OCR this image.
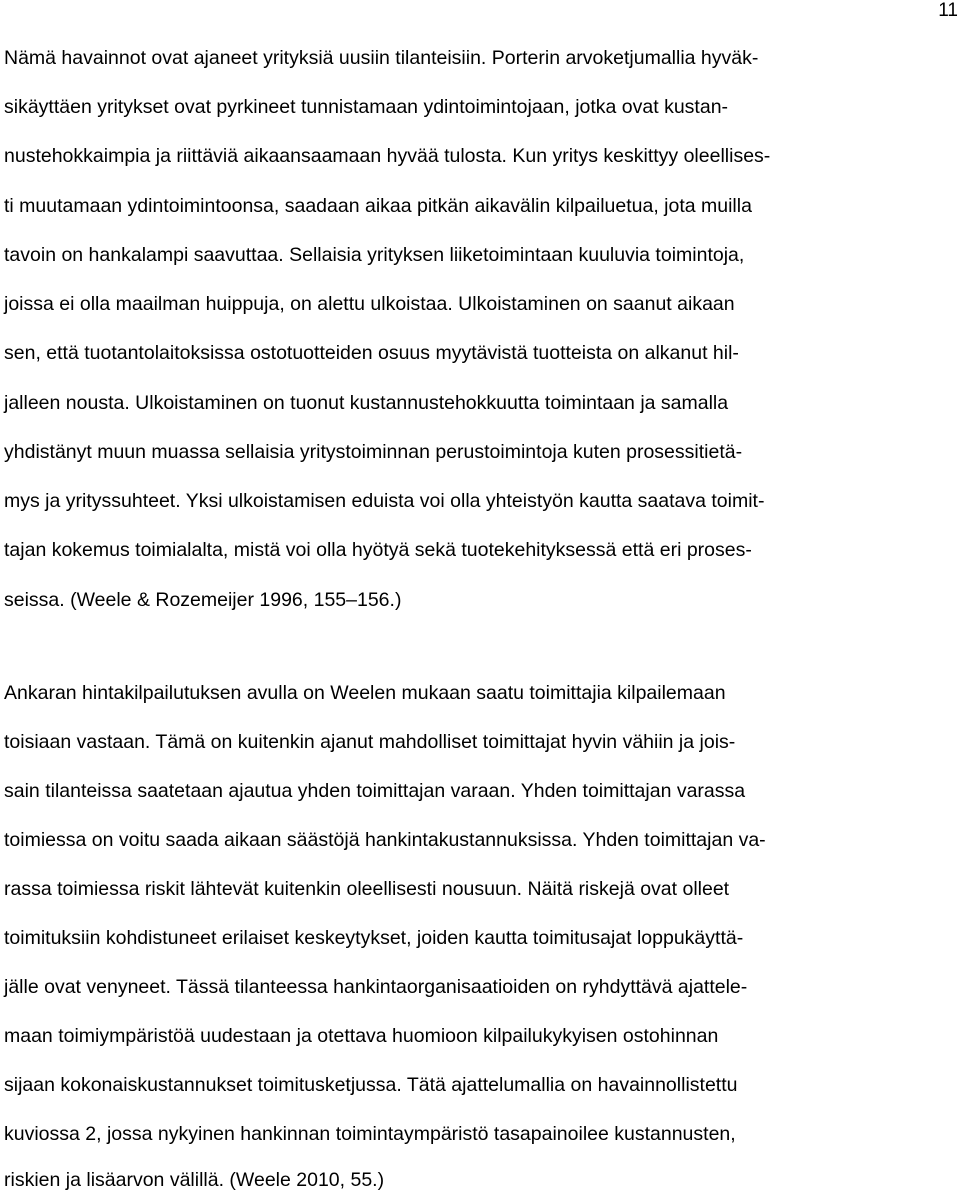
11
Nämä havainnot ovat ajaneet yrityksiä uusiin tilanteisiin. Porterin arvoketjumallia hyväk-
sikäyttäen yritykset ovat pyrkineet tunnistamaan ydintoimintojaan, jotka ovat kustan-
nustehokkaimpia ja riittäviä aikaansaamaan hyvää tulosta. Kun yritys keskittyy oleellises-
ti muutamaan ydintoimintoonsa, saadaan aikaa pitkän aikavälin kilpailuetua, jota muilla
tavoin on hankalampi saavuttaa. Sellaisia yrityksen liiketoimintaan kuuluvia toimintoja,
joissa ei olla maailman huippuja, on alettu ulkoistaa. Ulkoistaminen on saanut aikaan
sen, että tuotantolaitoksissa ostotuotteiden osuus myytävistä tuotteista on alkanut hil-
jalleen nousta. Ulkoistaminen on tuonut kustannustehokkuutta toimintaan ja samalla
yhdistänyt muun muassa sellaisia yritystoiminnan perustoimintoja kuten prosessitietä-
mys ja yrityssuhteet. Yksi ulkoistamisen eduista voi olla yhteistyön kautta saatava toimit-
tajan kokemus toimialalta, mistä voi olla hyötyä sekä tuotekehityksessä että eri proses-
seissa. (Weele & Rozemeijer 1996, 155–156.)
Ankaran hintakilpailutuksen avulla on Weelen mukaan saatu toimittajia kilpailemaan
toisiaan vastaan. Tämä on kuitenkin ajanut mahdolliset toimittajat hyvin vähiin ja jois-
sain tilanteissa saatetaan ajautua yhden toimittajan varaan. Yhden toimittajan varassa
toimiessa on voitu saada aikaan säästöjä hankintakustannuksissa. Yhden toimittajan va-
rassa toimiessa riskit lähtevät kuitenkin oleellisesti nousuun. Näitä riskejä ovat olleet
toimituksiin kohdistuneet erilaiset keskeytykset, joiden kautta toimitusajat loppukäyttä-
jälle ovat venyneet. Tässä tilanteessa hankintaorganisaatioiden on ryhdyttävä ajattele-
maan toimiympäristöä uudestaan ja otettava huomioon kilpailukykyisen ostohinnan
sijaan kokonaiskustannukset toimitusketjussa. Tätä ajattelumallia on havainnollistettu
kuviossa 2, jossa nykyinen hankinnan toimintaympäristö tasapainoilee kustannusten,
riskien ja lisäarvon välillä. (Weele 2010, 55.)
